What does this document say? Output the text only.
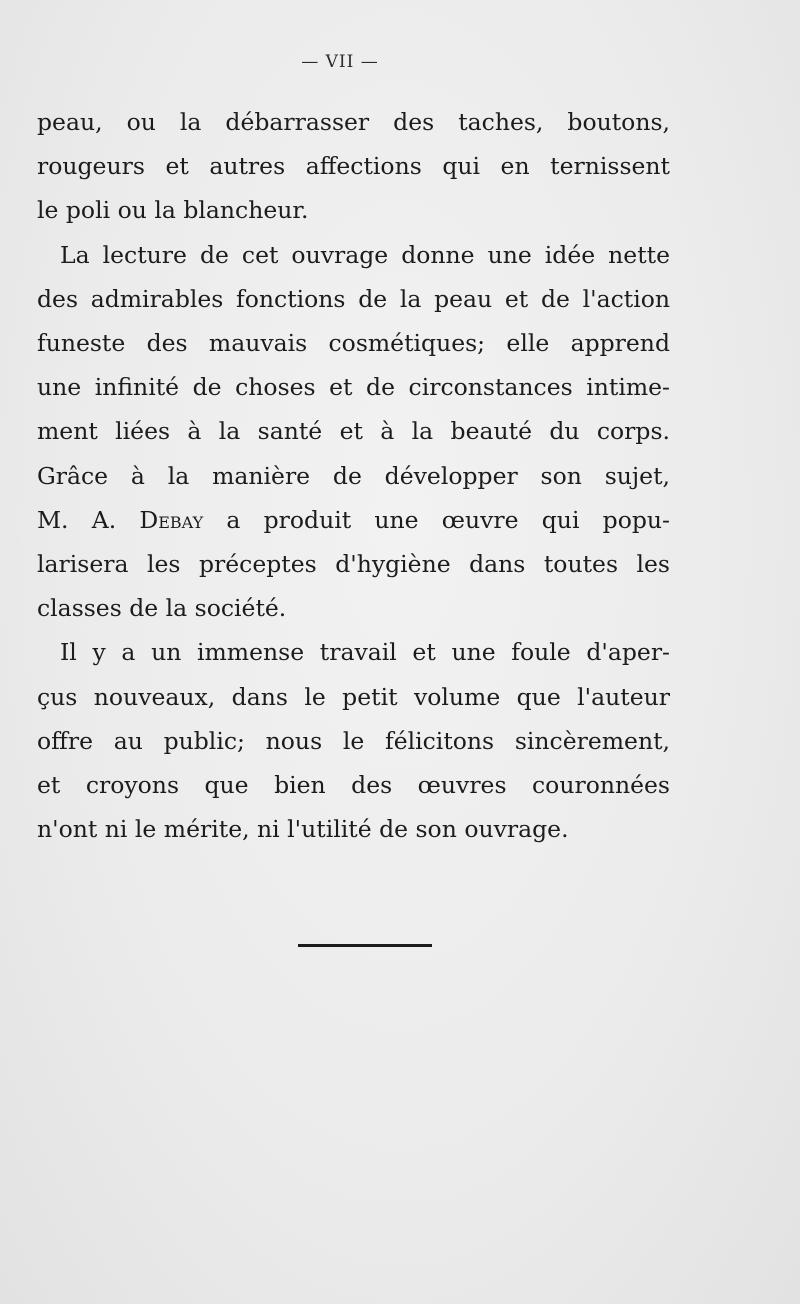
— VII —

peau, ou la débarrasser des taches, boutons,
rougeurs et autres affections qui en ternissent
le poli ou la blancheur.

La lecture de cet ouvrage donne une idée nette
des admirables fonctions de la peau et de l'action
funeste des mauvais cosmétiques; elle apprend
une infinité de choses et de circonstances intime-
ment liées à la santé et à la beauté du corps.
Grâce à la manière de développer son sujet,
M. A. Debay a produit une œuvre qui popu-
larisera les préceptes d'hygiène dans toutes les
classes de la société.

Il y a un immense travail et une foule d'aper-
çus nouveaux, dans le petit volume que l'auteur
offre au public; nous le félicitons sincèrement,
et croyons que bien des œuvres couronnées
n'ont ni le mérite, ni l'utilité de son ouvrage.
